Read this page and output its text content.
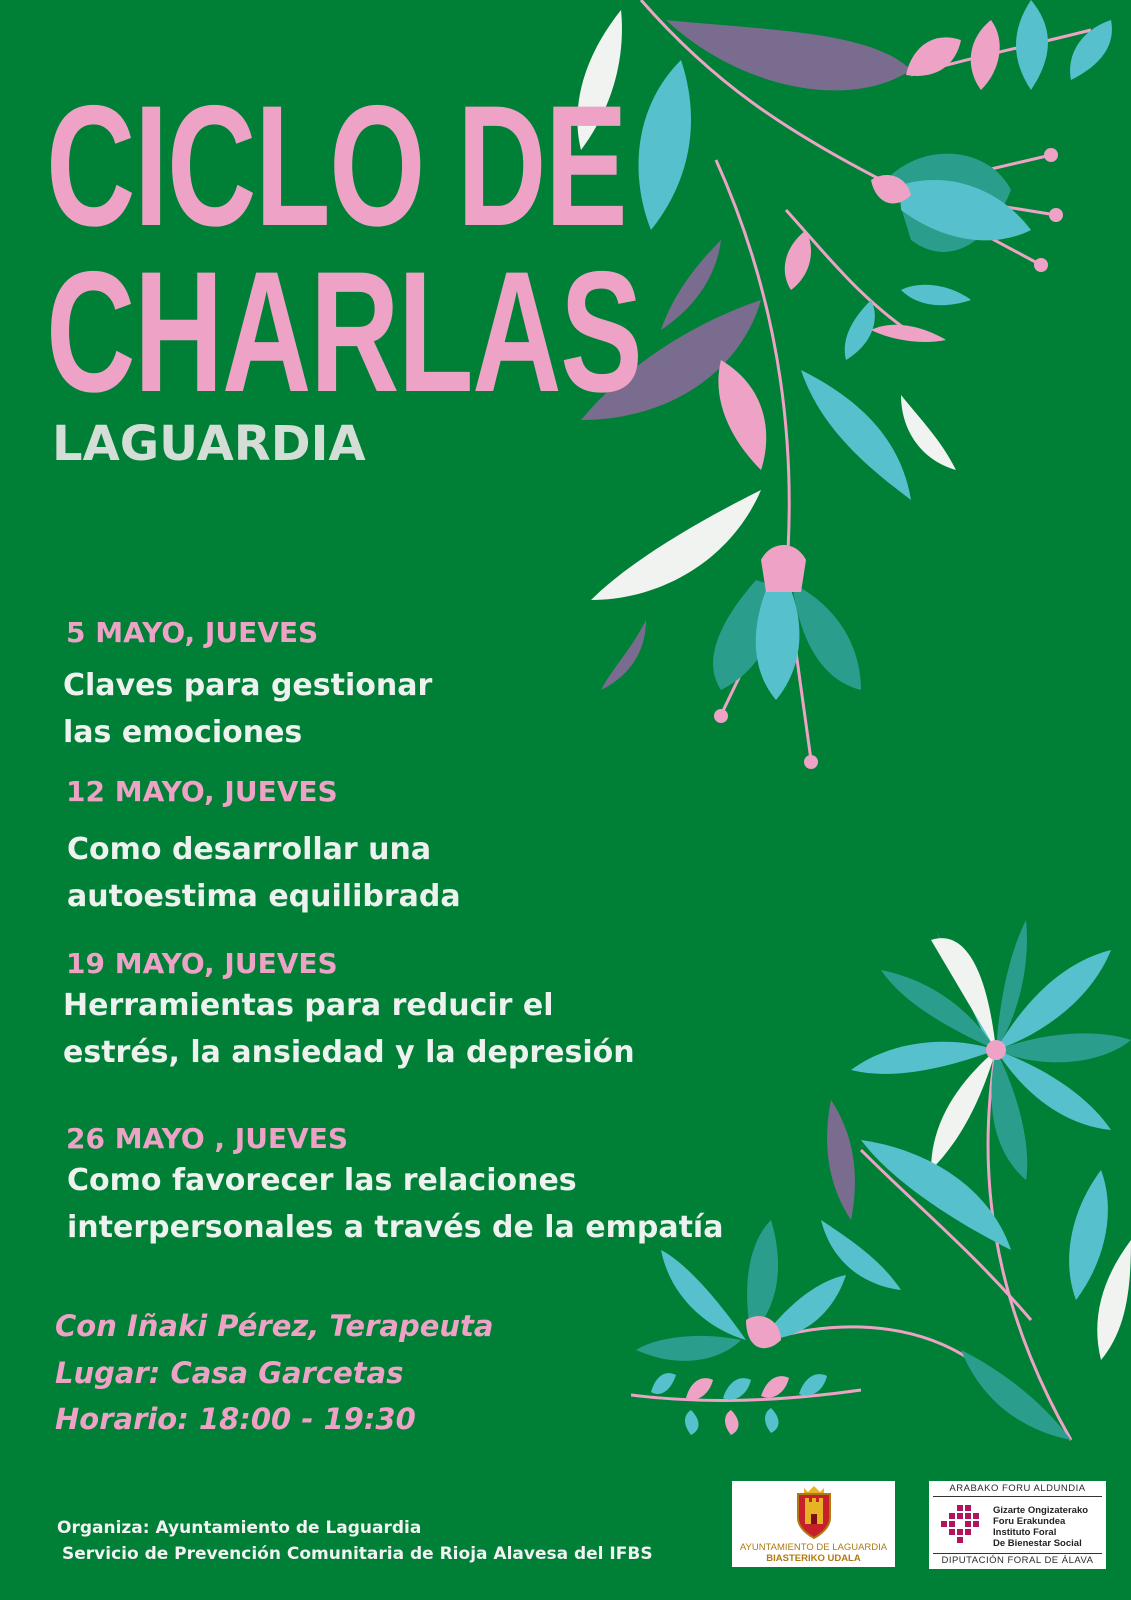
CICLO DE
CHARLAS
LAGUARDIA
5 MAYO, JUEVES
Claves para gestionar
las emociones
12 MAYO, JUEVES
Como desarrollar una
autoestima equilibrada
19 MAYO, JUEVES
Herramientas para reducir el
estrés, la ansiedad y la depresión
26 MAYO , JUEVES
Como favorecer las relaciones
interpersonales a través de la empatía
Con Iñaki Pérez, Terapeuta
Lugar: Casa Garcetas
Horario: 18:00 - 19:30
Organiza: Ayuntamiento de Laguardia
Servicio de Prevención Comunitaria de Rioja Alavesa del IFBS	AYUNTAMIENTO DE LAGUARDIA
BIASTERIKO UDALA
ARABAKO FORU ALDUNDIA
Gizarte Ongizaterako
Foru Erakundea
Instituto Foral
De Bienestar Social
DIPUTACIÓN FORAL DE ÁLAVA
